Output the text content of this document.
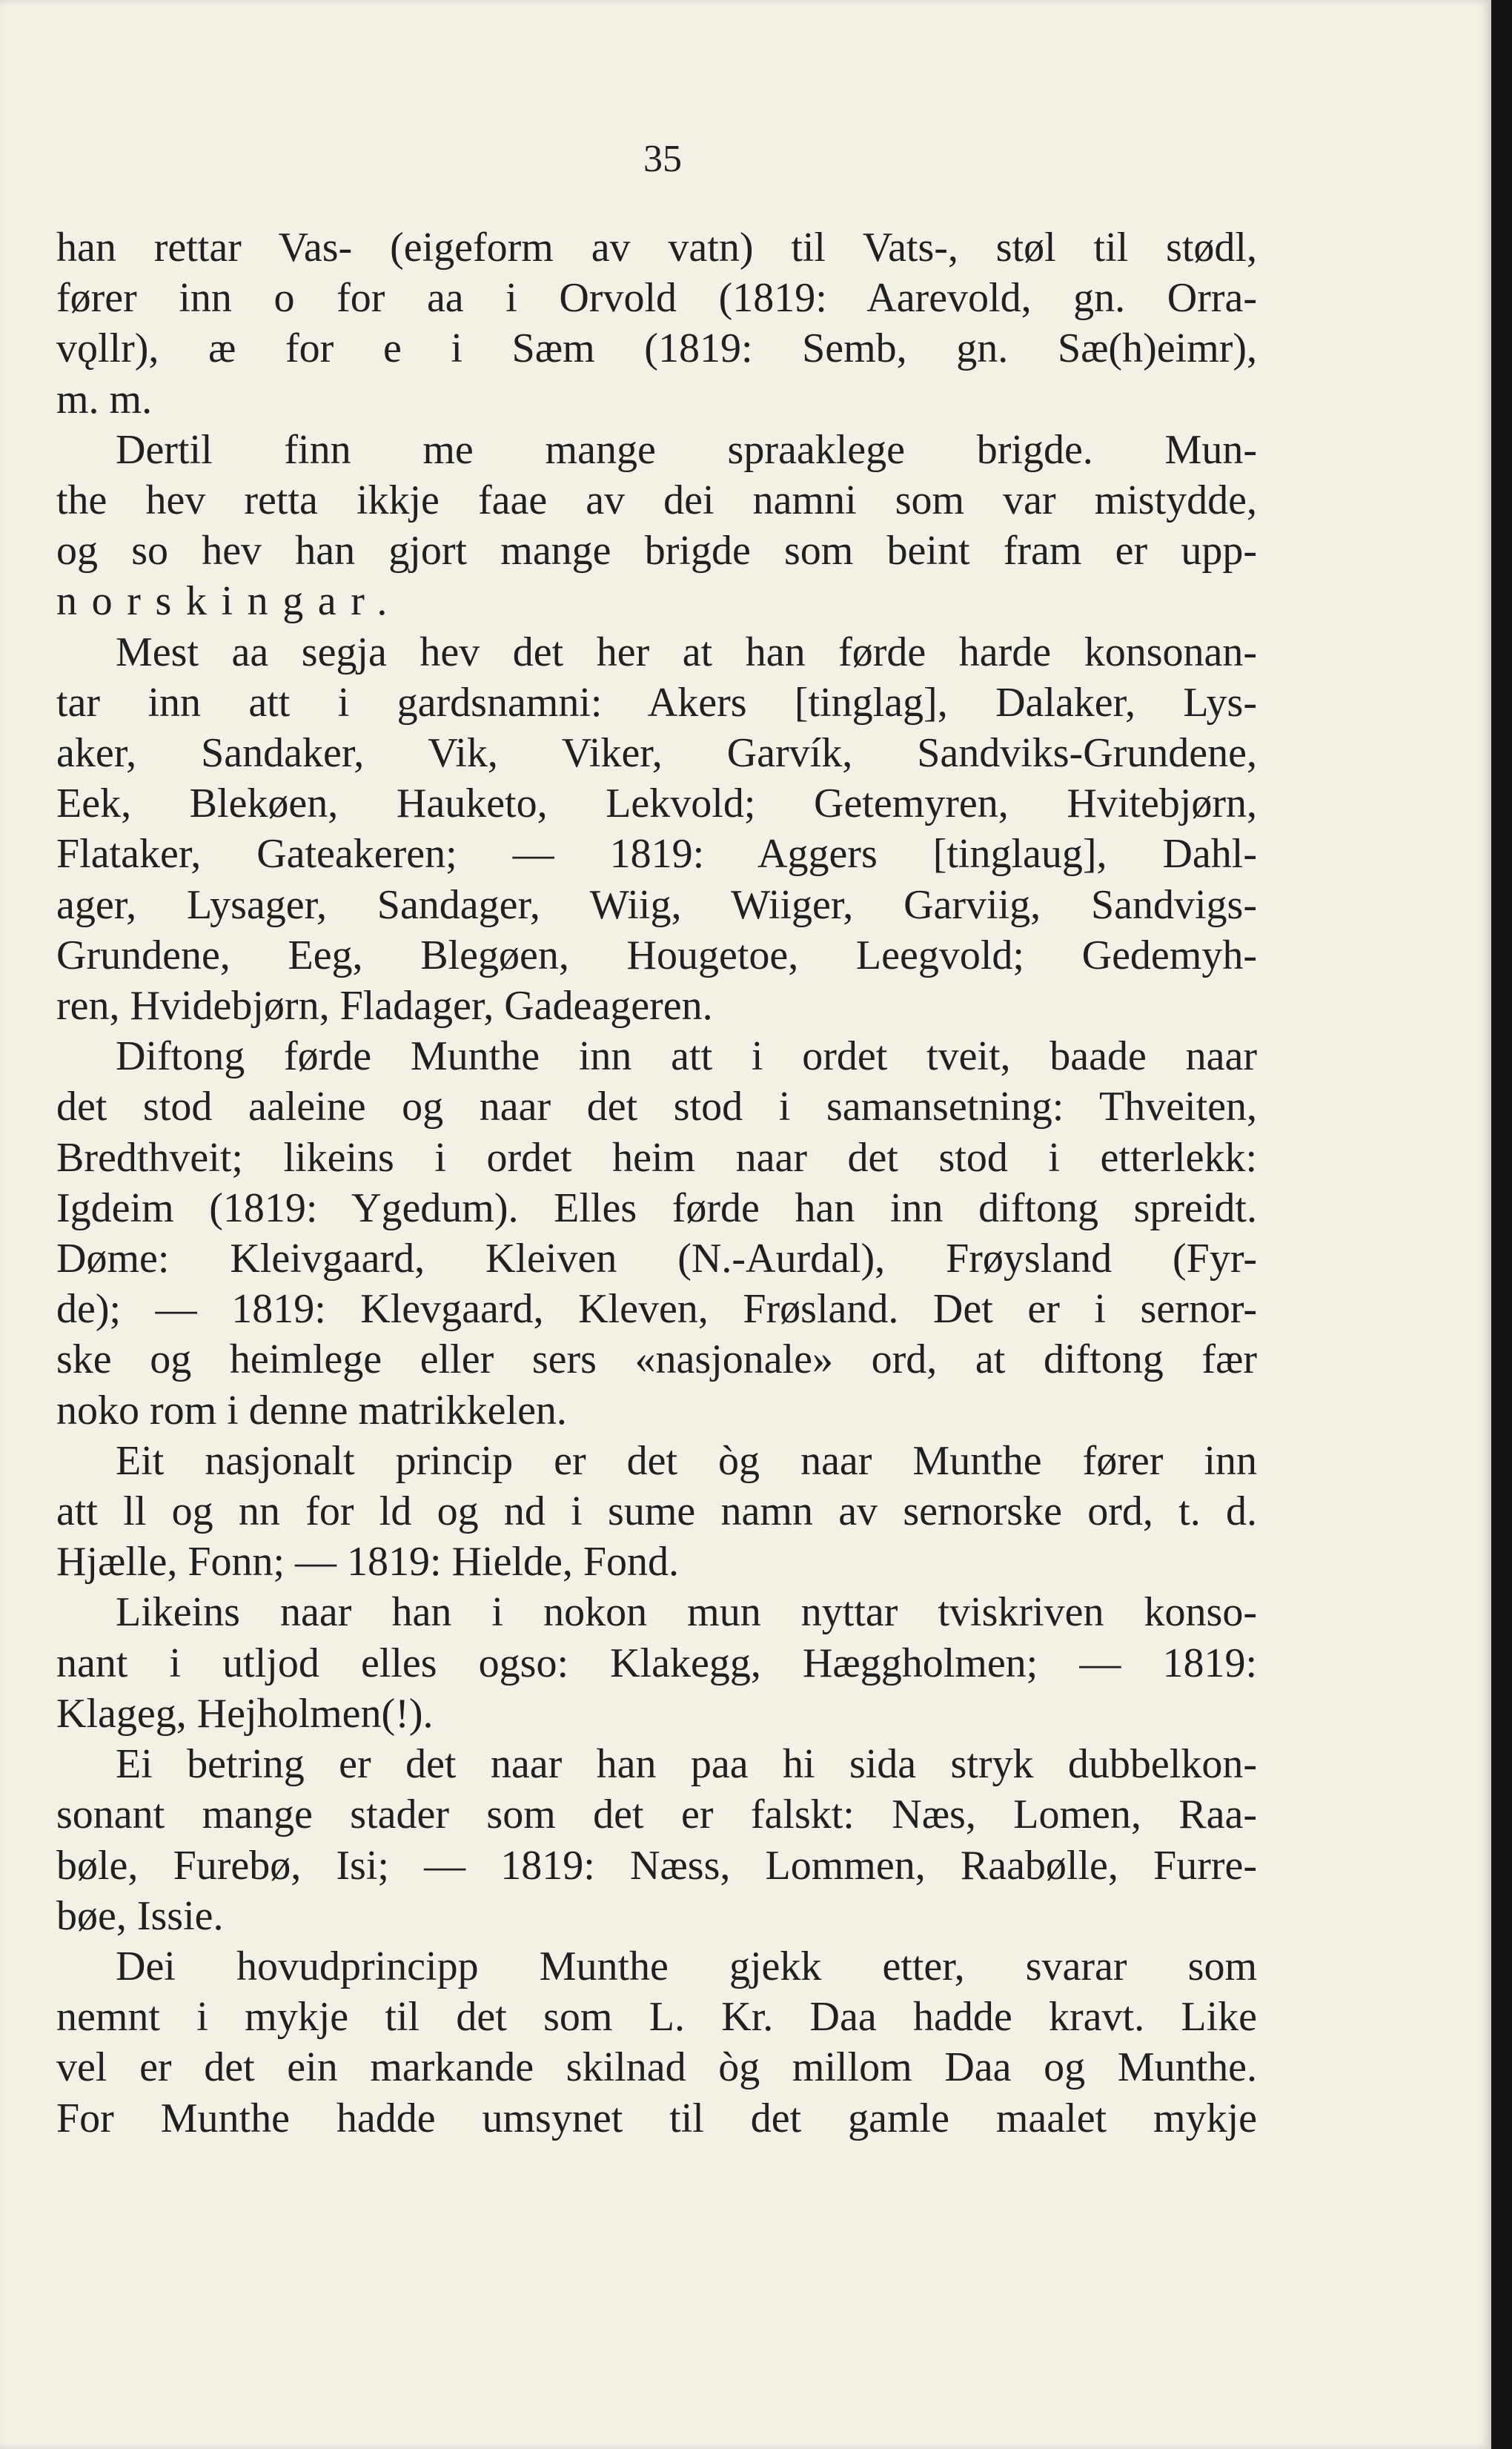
35

han rettar Vas- (eigeform av vatn) til Vats-, støl til stødl,
fører inn o for aa i Orvold (1819: Aarevold, gn. Orra-
vǫllr), æ for e i Sæm (1819: Semb, gn. Sæ(h)eimr),
m. m.

Dertil finn me mange spraaklege brigde. Mun-
the hev retta ikkje faae av dei namni som var mistydde,
og so hev han gjort mange brigde som beint fram er upp-
norskingar.

Mest aa segja hev det her at han førde harde konsonan-
tar inn att i gardsnamni: Akers [tinglag], Dalaker, Lys-
aker, Sandaker, Vik, Viker, Garvík, Sandviks-Grundene,
Eek, Blekøen, Hauketo, Lekvold; Getemyren, Hvitebjørn,
Flataker, Gateakeren; — 1819: Aggers [tinglaug], Dahl-
ager, Lysager, Sandager, Wiig, Wiiger, Garviig, Sandvigs-
Grundene, Eeg, Blegøen, Hougetoe, Leegvold; Gedemyh-
ren, Hvidebjørn, Fladager, Gadeageren.

Diftong førde Munthe inn att i ordet tveit, baade naar
det stod aaleine og naar det stod i samansetning: Thveiten,
Bredthveit; likeins i ordet heim naar det stod i etterlekk:
Igdeim (1819: Ygedum). Elles førde han inn diftong spreidt.
Døme: Kleivgaard, Kleiven (N.-Aurdal), Frøysland (Fyr-
de); — 1819: Klevgaard, Kleven, Frøsland. Det er i sernor-
ske og heimlege eller sers «nasjonale» ord, at diftong fær
noko rom i denne matrikkelen.

Eit nasjonalt princip er det òg naar Munthe fører inn
att ll og nn for ld og nd i sume namn av sernorske ord, t. d.
Hjælle, Fonn; — 1819: Hielde, Fond.

Likeins naar han i nokon mun nyttar tviskriven konso-
nant i utljod elles ogso: Klakegg, Hæggholmen; — 1819:
Klageg, Hejholmen(!).

Ei betring er det naar han paa hi sida stryk dubbelkon-
sonant mange stader som det er falskt: Næs, Lomen, Raa-
bøle, Furebø, Isi; — 1819: Næss, Lommen, Raabølle, Furre-
bøe, Issie.

Dei hovudprincipp Munthe gjekk etter, svarar som
nemnt i mykje til det som L. Kr. Daa hadde kravt. Like
vel er det ein markande skilnad òg millom Daa og Munthe.
For Munthe hadde umsynet til det gamle maalet mykje
